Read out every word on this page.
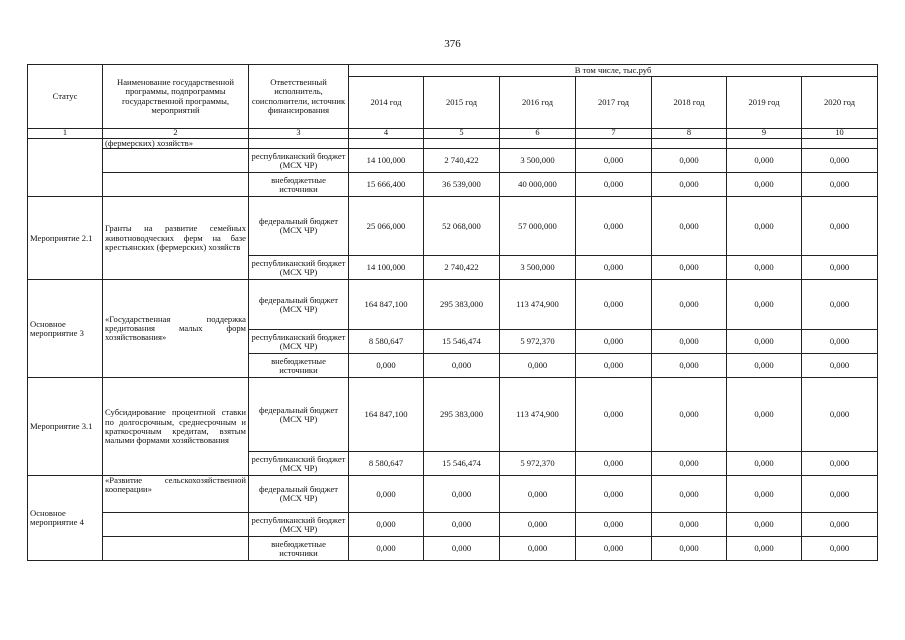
376
Статус	Наименование государственной программы, подпрограммы государственной программы, мероприятий	Ответственный исполнитель, соисполнители, источник финансирования	В том числе, тыс.руб						
			2014 год	2015 год	2016 год	2017 год	2018 год	2019 год	2020 год
1	2	3	4	5	6	7	8	9	10
	(фермерских) хозяйств»								
		республиканский бюджет (МСХ ЧР)	14 100,000	2 740,422	3 500,000	0,000	0,000	0,000	0,000
		внебюджетные источники	15 666,400	36 539,000	40 000,000	0,000	0,000	0,000	0,000
Мероприятие 2.1	Гранты на развитие семейных животноводческих ферм на базе крестьянских (фермерских) хозяйств	федеральный бюджет (МСХ ЧР)	25 066,000	52 068,000	57 000,000	0,000	0,000	0,000	0,000
		республиканский бюджет (МСХ ЧР)	14 100,000	2 740,422	3 500,000	0,000	0,000	0,000	0,000
Основное мероприятие 3	«Государственная поддержка кредитования малых форм хозяйствования»	федеральный бюджет (МСХ ЧР)	164 847,100	295 383,000	113 474,900	0,000	0,000	0,000	0,000
		республиканский бюджет (МСХ ЧР)	8 580,647	15 546,474	5 972,370	0,000	0,000	0,000	0,000
		внебюджетные источники	0,000	0,000	0,000	0,000	0,000	0,000	0,000
Мероприятие 3.1	Субсидирование процентной ставки по долгосрочным, среднесрочным и краткосрочным кредитам, взятым малыми формами хозяйствования	федеральный бюджет (МСХ ЧР)	164 847,100	295 383,000	113 474,900	0,000	0,000	0,000	0,000
		республиканский бюджет (МСХ ЧР)	8 580,647	15 546,474	5 972,370	0,000	0,000	0,000	0,000
Основное мероприятие 4	«Развитие сельскохозяйственной кооперации»	федеральный бюджет (МСХ ЧР)	0,000	0,000	0,000	0,000	0,000	0,000	0,000
		республиканский бюджет (МСХ ЧР)	0,000	0,000	0,000	0,000	0,000	0,000	0,000
		внебюджетные источники	0,000	0,000	0,000	0,000	0,000	0,000	0,000
